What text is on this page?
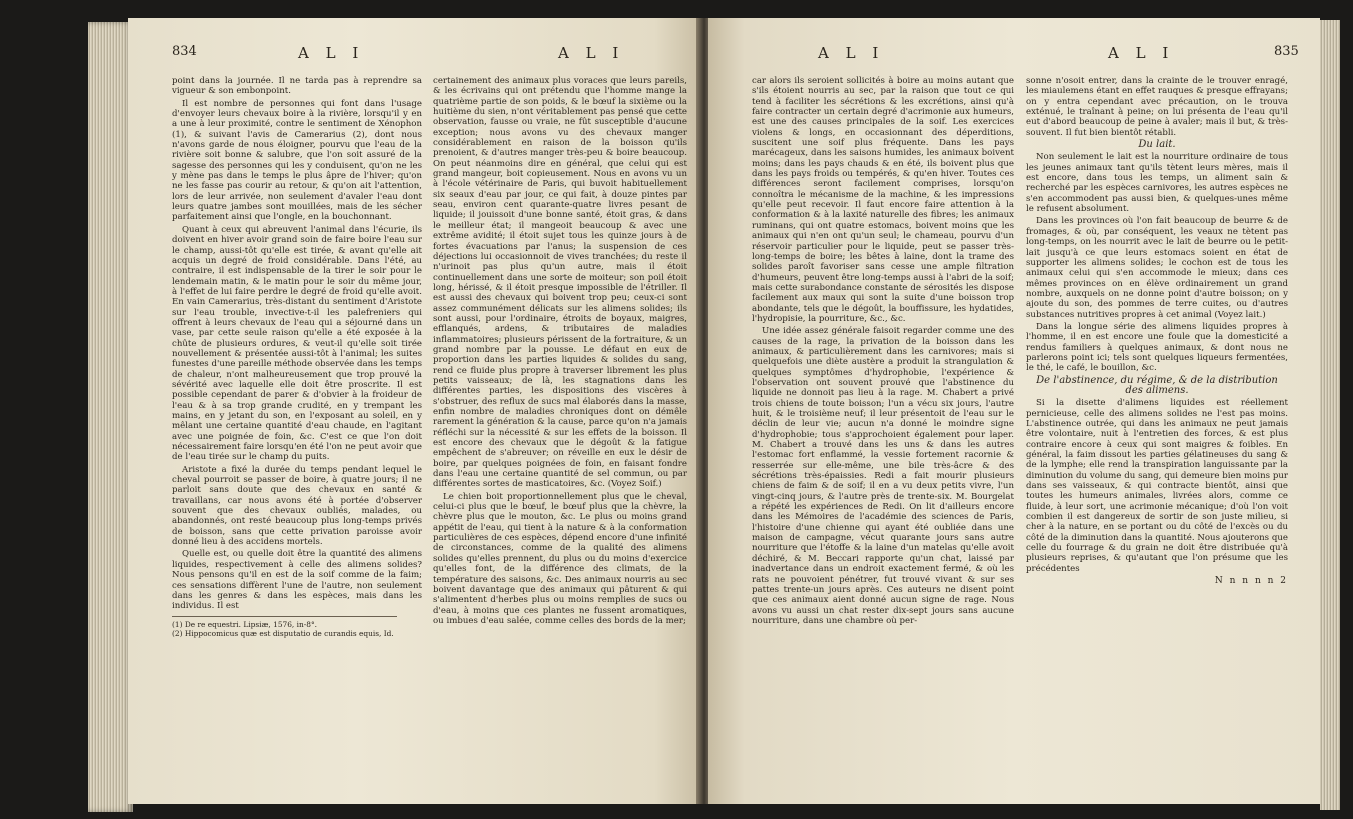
834	A L I	A L I

point dans la journée. Il ne tarda pas à reprendre sa vigueur & son embonpoint.

Il est nombre de personnes qui font dans l'usage d'envoyer leurs chevaux boire à la rivière, lorsqu'il y en a une à leur proximité, contre le sentiment de Xénophon (1), & suivant l'avis de Camerarius (2), dont nous n'avons garde de nous éloigner, pourvu que l'eau de la rivière soit bonne & salubre, que l'on soit assuré de la sagesse des personnes qui les y conduisent, qu'on ne les y mène pas dans le temps le plus âpre de l'hiver; qu'on ne les fasse pas courir au retour, & qu'on ait l'attention, lors de leur arrivée, non seulement d'avaler l'eau dont leurs quatre jambes sont mouillées, mais de les sécher parfaitement ainsi que l'ongle, en la bouchonnant.

Quant à ceux qui abreuvent l'animal dans l'écurie, ils doivent en hiver avoir grand soin de faire boire l'eau sur le champ, aussi-tôt qu'elle est tirée, & avant qu'elle ait acquis un degré de froid considérable. Dans l'été, au contraire, il est indispensable de la tirer le soir pour le lendemain matin, & le matin pour le soir du même jour, à l'effet de lui faire perdre le degré de froid qu'elle avoit. En vain Camerarius, très-distant du sentiment d'Aristote sur l'eau trouble, invective-t-il les palefreniers qui offrent à leurs chevaux de l'eau qui a séjourné dans un vase, par cette seule raison qu'elle a été exposée à la chûte de plusieurs ordures, & veut-il qu'elle soit tirée nouvellement & présentée aussi-tôt à l'animal; les suites funestes d'une pareille méthode observée dans les temps de chaleur, n'ont malheureusement que trop prouvé la sévérité avec laquelle elle doit être proscrite. Il est possible cependant de parer & d'obvier à la froideur de l'eau & à sa trop grande crudité, en y trempant les mains, en y jetant du son, en l'exposant au soleil, en y mêlant une certaine quantité d'eau chaude, en l'agitant avec une poignée de foin, &c. C'est ce que l'on doit nécessairement faire lorsqu'en été l'on ne peut avoir que de l'eau tirée sur le champ du puits.

Aristote a fixé la durée du temps pendant lequel le cheval pourroit se passer de boire, à quatre jours; il ne parloit sans doute que des chevaux en santé & travaillans, car nous avons été à portée d'observer souvent que des chevaux oubliés, malades, ou abandonnés, ont resté beaucoup plus long-temps privés de boisson, sans que cette privation paroisse avoir donné lieu à des accidens mortels.

Quelle est, ou quelle doit être la quantité des alimens liquides, respectivement à celle des alimens solides? Nous pensons qu'il en est de la soif comme de la faim; ces sensations diffèrent l'une de l'autre, non seulement dans les genres & dans les espèces, mais dans les individus. Il est

(1) De re equestri. Lipsiæ, 1576, in-8°.

(2) Hippocomicus quæ est disputatio de curandis equis, Id.

certainement des animaux plus voraces que leurs pareils, & les écrivains qui ont prétendu que l'homme mange la quatrième partie de son poids, & le bœuf la sixième ou la huitième du sien, n'ont véritablement pas pensé que cette observation, fausse ou vraie, ne fût susceptible d'aucune exception; nous avons vu des chevaux manger considérablement en raison de la boisson qu'ils prenoient, & d'autres manger très-peu & boire beaucoup. On peut néanmoins dire en général, que celui qui est grand mangeur, boit copieusement. Nous en avons vu un à l'école vétérinaire de Paris, qui buvoit habituellement six seaux d'eau par jour, ce qui fait, à douze pintes par seau, environ cent quarante-quatre livres pesant de liquide; il jouissoit d'une bonne santé, étoit gras, & dans le meilleur état; il mangeoit beaucoup & avec une extrême avidité; il étoit sujet tous les quinze jours à de fortes évacuations par l'anus; la suspension de ces déjections lui occasionnoit de vives tranchées; du reste il n'urinoit pas plus qu'un autre, mais il étoit continuellement dans une sorte de moiteur; son poil étoit long, hérissé, & il étoit presque impossible de l'étriller. Il est aussi des chevaux qui boivent trop peu; ceux-ci sont assez communément délicats sur les alimens solides; ils sont aussi, pour l'ordinaire, étroits de boyaux, maigres, efflanqués, ardens, & tributaires de maladies inflammatoires; plusieurs périssent de la fortraiture, & un grand nombre par la pousse. Le défaut en eux de proportion dans les parties liquides & solides du sang, rend ce fluide plus propre à traverser librement les plus petits vaisseaux; de là, les stagnations dans les différentes parties, les dispositions des viscères à s'obstruer, des reflux de sucs mal élaborés dans la masse, enfin nombre de maladies chroniques dont on démêle rarement la génération & la cause, parce qu'on n'a jamais réfléchi sur la nécessité & sur les effets de la boisson. Il est encore des chevaux que le dégoût & la fatigue empêchent de s'abreuver; on réveille en eux le désir de boire, par quelques poignées de foin, en faisant fondre dans l'eau une certaine quantité de sel commun, ou par différentes sortes de masticatoires, &c. (Voyez Soif.)

Le chien boit proportionnellement plus que le cheval, celui-ci plus que le bœuf, le bœuf plus que la chèvre, la chèvre plus que le mouton, &c. Le plus ou moins grand appétit de l'eau, qui tient à la nature & à la conformation particulières de ces espèces, dépend encore d'une infinité de circonstances, comme de la qualité des alimens solides qu'elles prennent, du plus ou du moins d'exercice qu'elles font, de la différence des climats, de la température des saisons, &c. Des animaux nourris au sec boivent davantage que des animaux qui pâturent & qui s'alimentent d'herbes plus ou moins remplies de sucs ou d'eau, à moins que ces plantes ne fussent aromatiques, ou imbues d'eau salée, comme celles des bords de la mer;

A L I	A L I	835

car alors ils seroient sollicités à boire au moins autant que s'ils étoient nourris au sec, par la raison que tout ce qui tend à faciliter les sécrétions & les excrétions, ainsi qu'à faire contracter un certain degré d'acrimonie aux humeurs, est une des causes principales de la soif. Les exercices violens & longs, en occasionnant des déperditions, suscitent une soif plus fréquente. Dans les pays marécageux, dans les saisons humides, les animaux boivent moins; dans les pays chauds & en été, ils boivent plus que dans les pays froids ou tempérés, & qu'en hiver. Toutes ces différences seront facilement comprises, lorsqu'on connoîtra le mécanisme de la machine, & les impressions qu'elle peut recevoir. Il faut encore faire attention à la conformation & à la laxité naturelle des fibres; les animaux ruminans, qui ont quatre estomacs, boivent moins que les animaux qui n'en ont qu'un seul; le chameau, pourvu d'un réservoir particulier pour le liquide, peut se passer très-long-temps de boire; les bêtes à laine, dont la trame des solides paroît favoriser sans cesse une ample filtration d'humeurs, peuvent être long-temps aussi à l'abri de la soif; mais cette surabondance constante de sérosités les dispose facilement aux maux qui sont la suite d'une boisson trop abondante, tels que le dégoût, la bouffissure, les hydatides, l'hydropisie, la pourriture, &c., &c.

Une idée assez générale faisoit regarder comme une des causes de la rage, la privation de la boisson dans les animaux, & particulièrement dans les carnivores; mais si quelquefois une diète austère a produit la strangulation & quelques symptômes d'hydrophobie, l'expérience & l'observation ont souvent prouvé que l'abstinence du liquide ne donnoit pas lieu à la rage. M. Chabert a privé trois chiens de toute boisson; l'un a vécu six jours, l'autre huit, & le troisième neuf; il leur présentoit de l'eau sur le déclin de leur vie; aucun n'a donné le moindre signe d'hydrophobie; tous s'approchoient également pour laper. M. Chabert a trouvé dans les uns & dans les autres l'estomac fort enflammé, la vessie fortement racornie & resserrée sur elle-même, une bile très-âcre & des sécrétions très-épaissies. Redi a fait mourir plusieurs chiens de faim & de soif; il en a vu deux petits vivre, l'un vingt-cinq jours, & l'autre près de trente-six. M. Bourgelat a répété les expériences de Redi. On lit d'ailleurs encore dans les Mémoires de l'académie des sciences de Paris, l'histoire d'une chienne qui ayant été oubliée dans une maison de campagne, vécut quarante jours sans autre nourriture que l'étoffe & la laine d'un matelas qu'elle avoit déchiré, & M. Beccari rapporte qu'un chat, laissé par inadvertance dans un endroit exactement fermé, & où les rats ne pouvoient pénétrer, fut trouvé vivant & sur ses pattes trente-un jours après. Ces auteurs ne disent point que ces animaux aient donné aucun signe de rage. Nous avons vu aussi un chat rester dix-sept jours sans aucune nourriture, dans une chambre où per-

sonne n'osoit entrer, dans la crainte de le trouver enragé, les miaulemens étant en effet rauques & presque effrayans; on y entra cependant avec précaution, on le trouva exténué, le traînant à peine; on lui présenta de l'eau qu'il eut d'abord beaucoup de peine à avaler; mais il but, & très-souvent. Il fut bien bientôt rétabli.

Du lait.

Non seulement le lait est la nourriture ordinaire de tous les jeunes animaux tant qu'ils tètent leurs mères, mais il est encore, dans tous les temps, un aliment sain & recherché par les espèces carnivores, les autres espèces ne s'en accommodent pas aussi bien, & quelques-unes même le refusent absolument.

Dans les provinces où l'on fait beaucoup de beurre & de fromages, & où, par conséquent, les veaux ne tètent pas long-temps, on les nourrit avec le lait de beurre ou le petit-lait jusqu'à ce que leurs estomacs soient en état de supporter les alimens solides; le cochon est de tous les animaux celui qui s'en accommode le mieux; dans ces mêmes provinces on en élève ordinairement un grand nombre, auxquels on ne donne point d'autre boisson; on y ajoute du son, des pommes de terre cuites, ou d'autres substances nutritives propres à cet animal (Voyez lait.)

Dans la longue série des alimens liquides propres à l'homme, il en est encore une foule que la domesticité a rendus familiers à quelques animaux, & dont nous ne parlerons point ici; tels sont quelques liqueurs fermentées, le thé, le café, le bouillon, &c.

De l'abstinence, du régime, & de la distribution des alimens.

Si la disette d'alimens liquides est réellement pernicieuse, celle des alimens solides ne l'est pas moins. L'abstinence outrée, qui dans les animaux ne peut jamais être volontaire, nuit à l'entretien des forces, & est plus contraire encore à ceux qui sont maigres & foibles. En général, la faim dissout les parties gélatineuses du sang & de la lymphe; elle rend la transpiration languissante par la diminution du volume du sang, qui demeure bien moins pur dans ses vaisseaux, & qui contracte bientôt, ainsi que toutes les humeurs animales, livrées alors, comme ce fluide, à leur sort, une acrimonie mécanique; d'où l'on voit combien il est dangereux de sortir de son juste milieu, si cher à la nature, en se portant ou du côté de l'excès ou du côté de la diminution dans la quantité. Nous ajouterons que celle du fourrage & du grain ne doit être distribuée qu'à plusieurs reprises, & qu'autant que l'on présume que les précédentes

N n n n n 2
